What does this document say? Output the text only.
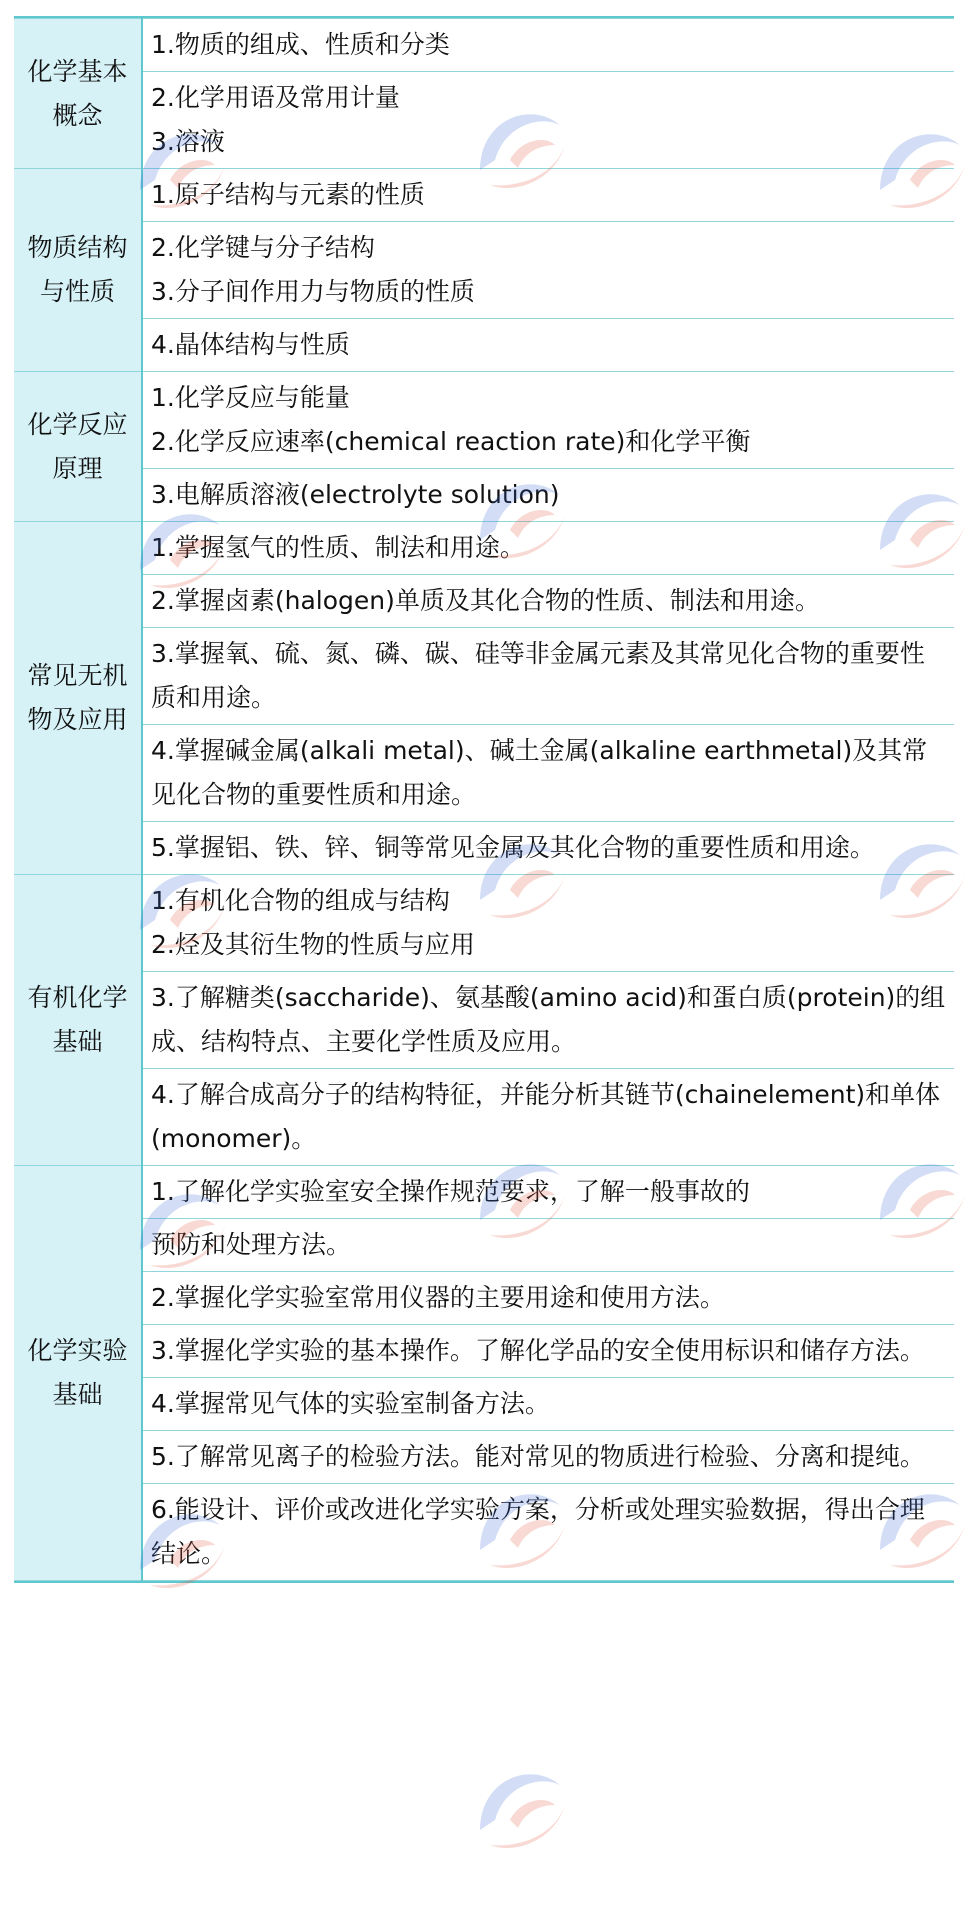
化学基本概念	1.物质的组成、性质和分类

	2.化学用语及常用计量
3.溶液

物质结构与性质	1.原子结构与元素的性质

	2.化学键与分子结构
3.分子间作用力与物质的性质

	4.晶体结构与性质

化学反应原理	1.化学反应与能量
2.化学反应速率(chemical reaction rate)和化学平衡

	3.电解质溶液(electrolyte solution)

常见无机物及应用	1.掌握氢气的性质、制法和用途。

	2.掌握卤素(halogen)单质及其化合物的性质、制法和用途。

	3.掌握氧、硫、氮、磷、碳、硅等非金属元素及其常见化合物的重要性质和用途。

	4.掌握碱金属(alkali metal)、碱土金属(alkaline earthmetal)及其常见化合物的重要性质和用途。

	5.掌握铝、铁、锌、铜等常见金属及其化合物的重要性质和用途。

有机化学基础	1.有机化合物的组成与结构
2.烃及其衍生物的性质与应用

	3.了解糖类(saccharide)、氨基酸(amino acid)和蛋白质(protein)的组成、结构特点、主要化学性质及应用。

	4.了解合成高分子的结构特征，并能分析其链节(chainelement)和单体(monomer)。

化学实验基础	1.了解化学实验室安全操作规范要求，了解一般事故的

	预防和处理方法。

	2.掌握化学实验室常用仪器的主要用途和使用方法。

	3.掌握化学实验的基本操作。了解化学品的安全使用标识和储存方法。

	4.掌握常见气体的实验室制备方法。

	5.了解常见离子的检验方法。能对常见的物质进行检验、分离和提纯。

	6.能设计、评价或改进化学实验方案，分析或处理实验数据，得出合理结论。
